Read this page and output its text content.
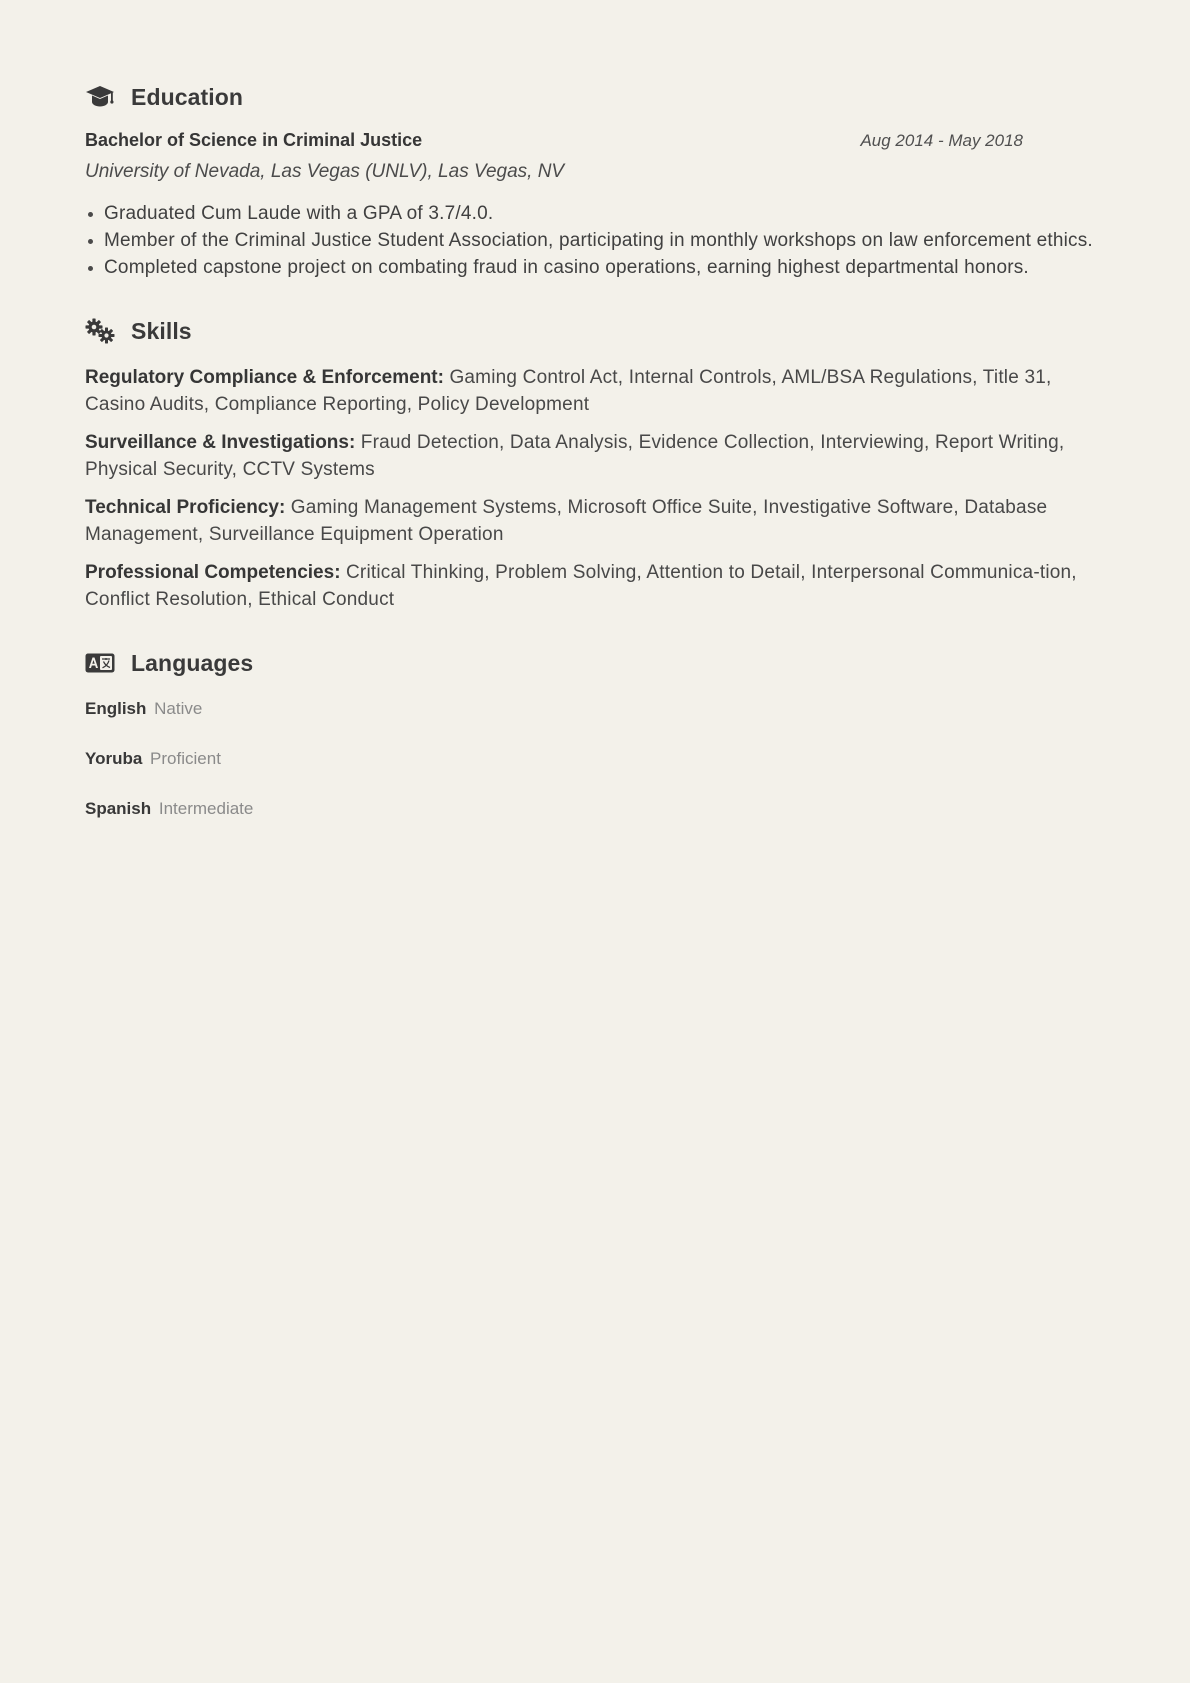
Education
Bachelor of Science in Criminal Justice	Aug 2014 - May 2018
University of Nevada, Las Vegas (UNLV), Las Vegas, NV
Graduated Cum Laude with a GPA of 3.7/4.0.
Member of the Criminal Justice Student Association, participating in monthly workshops on law enforcement ethics.
Completed capstone project on combating fraud in casino operations, earning highest departmental honors.
Skills

Regulatory Compliance & Enforcement: Gaming Control Act, Internal Controls, AML/BSA Regulations, Title 31, Casino Audits, Compliance Reporting, Policy Development

Surveillance & Investigations: Fraud Detection, Data Analysis, Evidence Collection, Interviewing, Report Writing, Physical Security, CCTV Systems

Technical Proficiency: Gaming Management Systems, Microsoft Office Suite, Investigative Software, Database Management, Surveillance Equipment Operation

Professional Competencies: Critical Thinking, Problem Solving, Attention to Detail, Interpersonal Communica-tion, Conflict Resolution, Ethical Conduct

Languages
English Native
Yoruba Proficient
Spanish Intermediate
